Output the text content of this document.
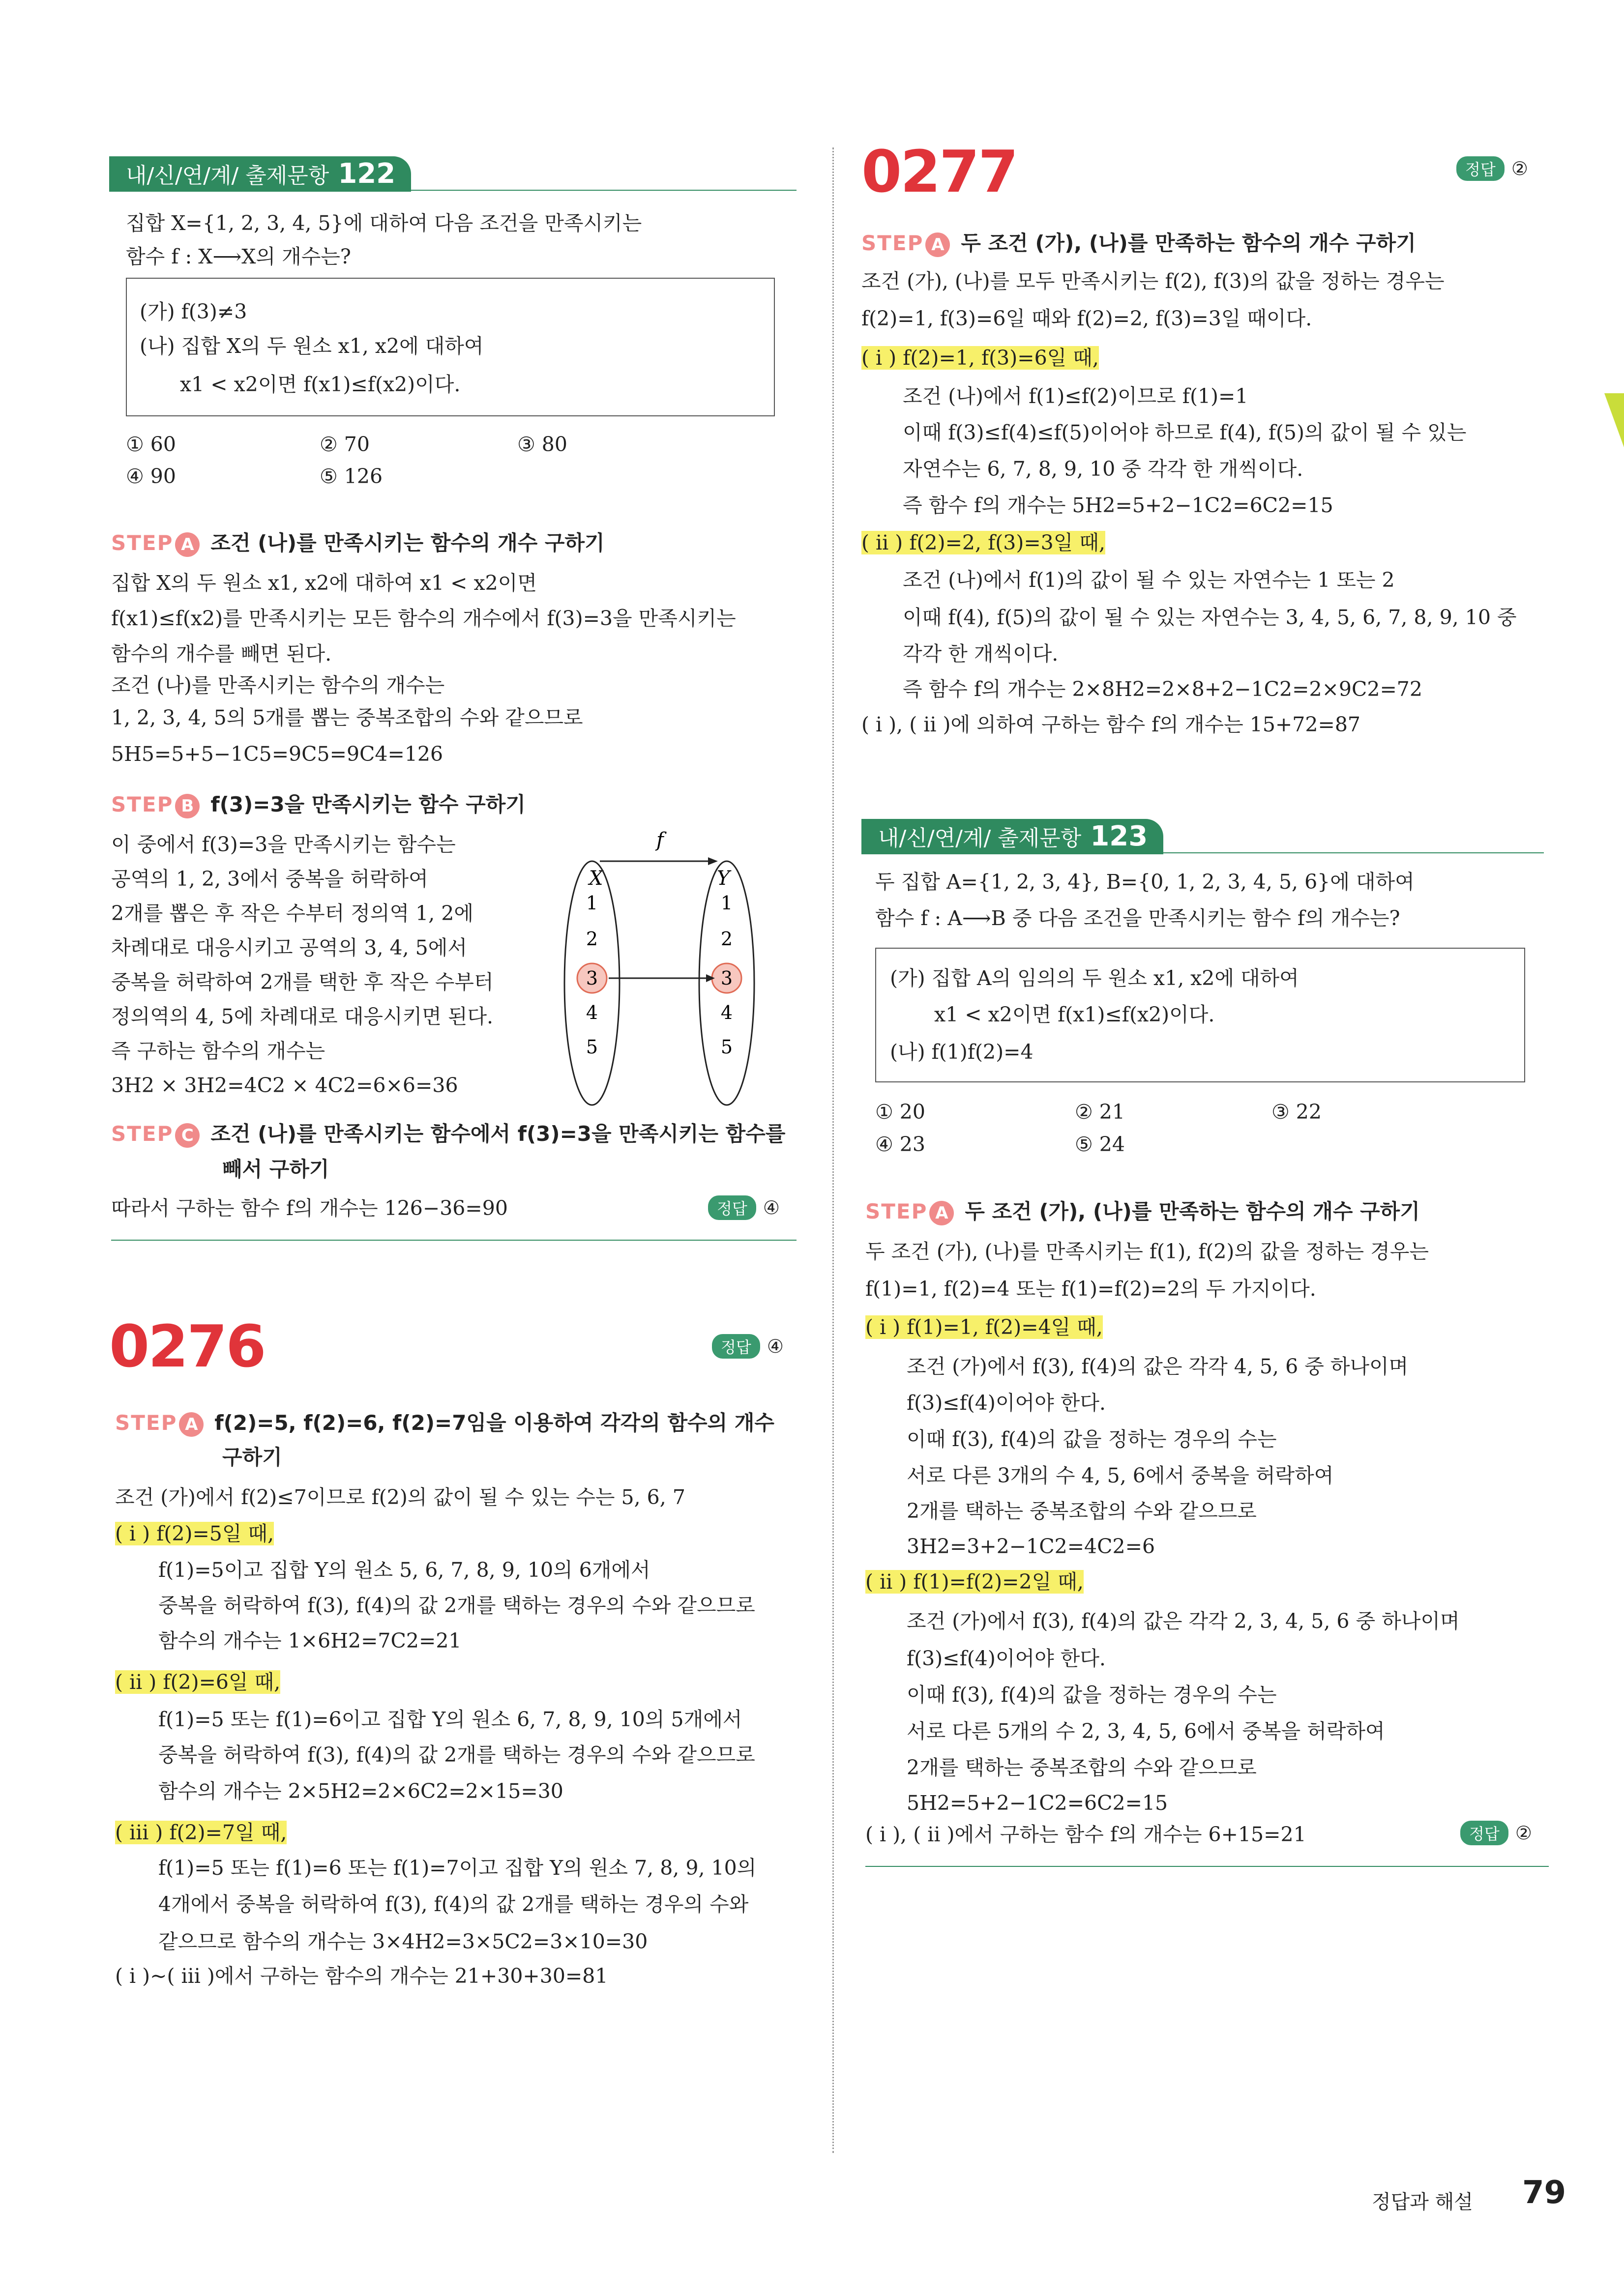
내/신/연/계/ 출제문항 122
집합 X={1, 2, 3, 4, 5}에 대하여 다음 조건을 만족시키는
함수 f : X⟶X의 개수는?
(가) f(3)≠3
(나) 집합 X의 두 원소 x1, x2에 대하여
x1 < x2이면 f(x1)≤f(x2)이다.
① 60	② 70	③ 80
④ 90	⑤ 126
STEP A 조건 (나)를 만족시키는 함수의 개수 구하기
집합 X의 두 원소 x1, x2에 대하여 x1 < x2이면
f(x1)≤f(x2)를 만족시키는 모든 함수의 개수에서 f(3)=3을 만족시키는
함수의 개수를 빼면 된다.
조건 (나)를 만족시키는 함수의 개수는
1, 2, 3, 4, 5의 5개를 뽑는 중복조합의 수와 같으므로
5H5=5+5−1C5=9C5=9C4=126
STEP B f(3)=3을 만족시키는 함수 구하기
이 중에서 f(3)=3을 만족시키는 함수는
공역의 1, 2, 3에서 중복을 허락하여
2개를 뽑은 후 작은 수부터 정의역 1, 2에
차례대로 대응시키고 공역의 3, 4, 5에서
중복을 허락하여 2개를 택한 후 작은 수부터
정의역의 4, 5에 차례대로 대응시키면 된다.
즉 구하는 함수의 개수는
3H2 × 3H2=4C2 × 4C2=6×6=36
f
X	Y
1
2
3
4
5
1
2
3
4
5
STEP C 조건 (나)를 만족시키는 함수에서 f(3)=3을 만족시키는 함수를
빼서 구하기
따라서 구하는 함수 f의 개수는 126−36=90	정답 ④
0276	정답 ④
STEP A f(2)=5, f(2)=6, f(2)=7임을 이용하여 각각의 함수의 개수
구하기
조건 (가)에서 f(2)≤7이므로 f(2)의 값이 될 수 있는 수는 5, 6, 7
( i ) f(2)=5일 때,
f(1)=5이고 집합 Y의 원소 5, 6, 7, 8, 9, 10의 6개에서
중복을 허락하여 f(3), f(4)의 값 2개를 택하는 경우의 수와 같으므로
함수의 개수는 1×6H2=7C2=21
( ii ) f(2)=6일 때,
f(1)=5 또는 f(1)=6이고 집합 Y의 원소 6, 7, 8, 9, 10의 5개에서
중복을 허락하여 f(3), f(4)의 값 2개를 택하는 경우의 수와 같으므로
함수의 개수는 2×5H2=2×6C2=2×15=30
( iii ) f(2)=7일 때,
f(1)=5 또는 f(1)=6 또는 f(1)=7이고 집합 Y의 원소 7, 8, 9, 10의
4개에서 중복을 허락하여 f(3), f(4)의 값 2개를 택하는 경우의 수와
같으므로 함수의 개수는 3×4H2=3×5C2=3×10=30
( i )~( iii )에서 구하는 함수의 개수는 21+30+30=81
0277	정답 ②
STEP A 두 조건 (가), (나)를 만족하는 함수의 개수 구하기
조건 (가), (나)를 모두 만족시키는 f(2), f(3)의 값을 정하는 경우는
f(2)=1, f(3)=6일 때와 f(2)=2, f(3)=3일 때이다.
( i ) f(2)=1, f(3)=6일 때,
조건 (나)에서 f(1)≤f(2)이므로 f(1)=1
이때 f(3)≤f(4)≤f(5)이어야 하므로 f(4), f(5)의 값이 될 수 있는
자연수는 6, 7, 8, 9, 10 중 각각 한 개씩이다.
즉 함수 f의 개수는 5H2=5+2−1C2=6C2=15
( ii ) f(2)=2, f(3)=3일 때,
조건 (나)에서 f(1)의 값이 될 수 있는 자연수는 1 또는 2
이때 f(4), f(5)의 값이 될 수 있는 자연수는 3, 4, 5, 6, 7, 8, 9, 10 중
각각 한 개씩이다.
즉 함수 f의 개수는 2×8H2=2×8+2−1C2=2×9C2=72
( i ), ( ii )에 의하여 구하는 함수 f의 개수는 15+72=87
내/신/연/계/ 출제문항 123
두 집합 A={1, 2, 3, 4}, B={0, 1, 2, 3, 4, 5, 6}에 대하여
함수 f : A⟶B 중 다음 조건을 만족시키는 함수 f의 개수는?
(가) 집합 A의 임의의 두 원소 x1, x2에 대하여
x1 < x2이면 f(x1)≤f(x2)이다.
(나) f(1)f(2)=4
① 20	② 21	③ 22
④ 23	⑤ 24
STEP A 두 조건 (가), (나)를 만족하는 함수의 개수 구하기
두 조건 (가), (나)를 만족시키는 f(1), f(2)의 값을 정하는 경우는
f(1)=1, f(2)=4 또는 f(1)=f(2)=2의 두 가지이다.
( i ) f(1)=1, f(2)=4일 때,
조건 (가)에서 f(3), f(4)의 값은 각각 4, 5, 6 중 하나이며
f(3)≤f(4)이어야 한다.
이때 f(3), f(4)의 값을 정하는 경우의 수는
서로 다른 3개의 수 4, 5, 6에서 중복을 허락하여
2개를 택하는 중복조합의 수와 같으므로
3H2=3+2−1C2=4C2=6
( ii ) f(1)=f(2)=2일 때,
조건 (가)에서 f(3), f(4)의 값은 각각 2, 3, 4, 5, 6 중 하나이며
f(3)≤f(4)이어야 한다.
이때 f(3), f(4)의 값을 정하는 경우의 수는
서로 다른 5개의 수 2, 3, 4, 5, 6에서 중복을 허락하여
2개를 택하는 중복조합의 수와 같으므로
5H2=5+2−1C2=6C2=15
( i ), ( ii )에서 구하는 함수 f의 개수는 6+15=21	정답 ②
정답과 해설 79
